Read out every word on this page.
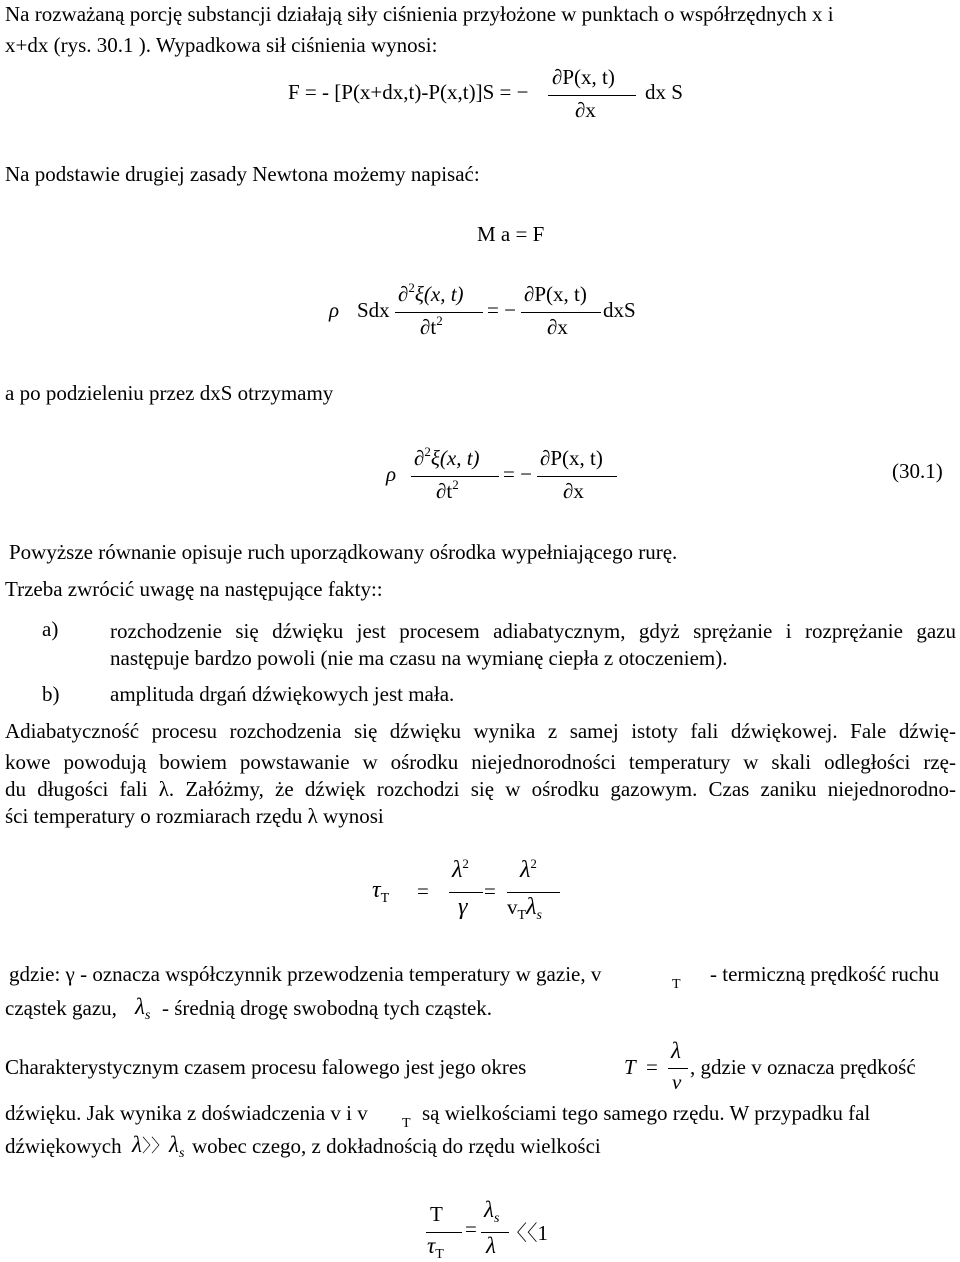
Na rozważaną porcję substancji działają siły ciśnienia przyłożone w punktach o współrzędnych x i
x+dx (rys. 30.1 ). Wypadkowa sił ciśnienia wynosi:
F = - [P(x+dx,t)-P(x,t)]S = −
∂P(x, t)
∂x
dx S
Na podstawie drugiej zasady Newtona możemy napisać:
M a = F
ρ Sdx
∂$^2$ξ(x, t)
$\partial t^2$ = −
∂P(x, t)
∂x
dxS
a po podzieleniu przez dxS otrzymamy
ρ
∂$^2$ξ(x, t)
$\partial t^2$ = −
∂P(x, t)
∂x
(30.1)
Powyższe równanie opisuje ruch uporządkowany ośrodka wypełniającego rurę.
Trzeba zwrócić uwagę na następujące fakty::
a) rozchodzenie się dźwięku jest procesem adiabatycznym, gdyż sprężanie i rozprężanie gazu
następuje bardzo powoli (nie ma czasu na wymianę ciepła z otoczeniem).
b) amplituda drgań dźwiękowych jest mała.
Adiabatyczność procesu rozchodzenia się dźwięku wynika z samej istoty fali dźwiękowej. Fale dźwię-
kowe powodują bowiem powstawanie w ośrodku niejednorodności temperatury w skali odległości rzę-
du długości fali λ. Załóżmy, że dźwięk rozchodzi się w ośrodku gazowym. Czas zaniku niejednorodno-
ści temperatury o rozmiarach rzędu λ wynosi
$\tau_T$ =
$\lambda^2$
γ
=
$\lambda^2$
$v_T\lambda_s$
gdzie: γ - oznacza współczynnik przewodzenia temperatury w gazie, v	T - termiczną prędkość ruchu
cząstek gazu, $\lambda_s$ - średnią drogę swobodną tych cząstek.
Charakterystycznym czasem procesu falowego jest jego okres	T =
λ
v
, gdzie v oznacza prędkość
dźwięku. Jak wynika z doświadczenia v i v T są wielkościami tego samego rzędu. W przypadku fal
dźwiękowych λ〉〉$\lambda_s$ wobec czego, z dokładnością do rzędu wielkości
T
$\tau_T$
=
$\lambda_s$
λ 〈〈1
